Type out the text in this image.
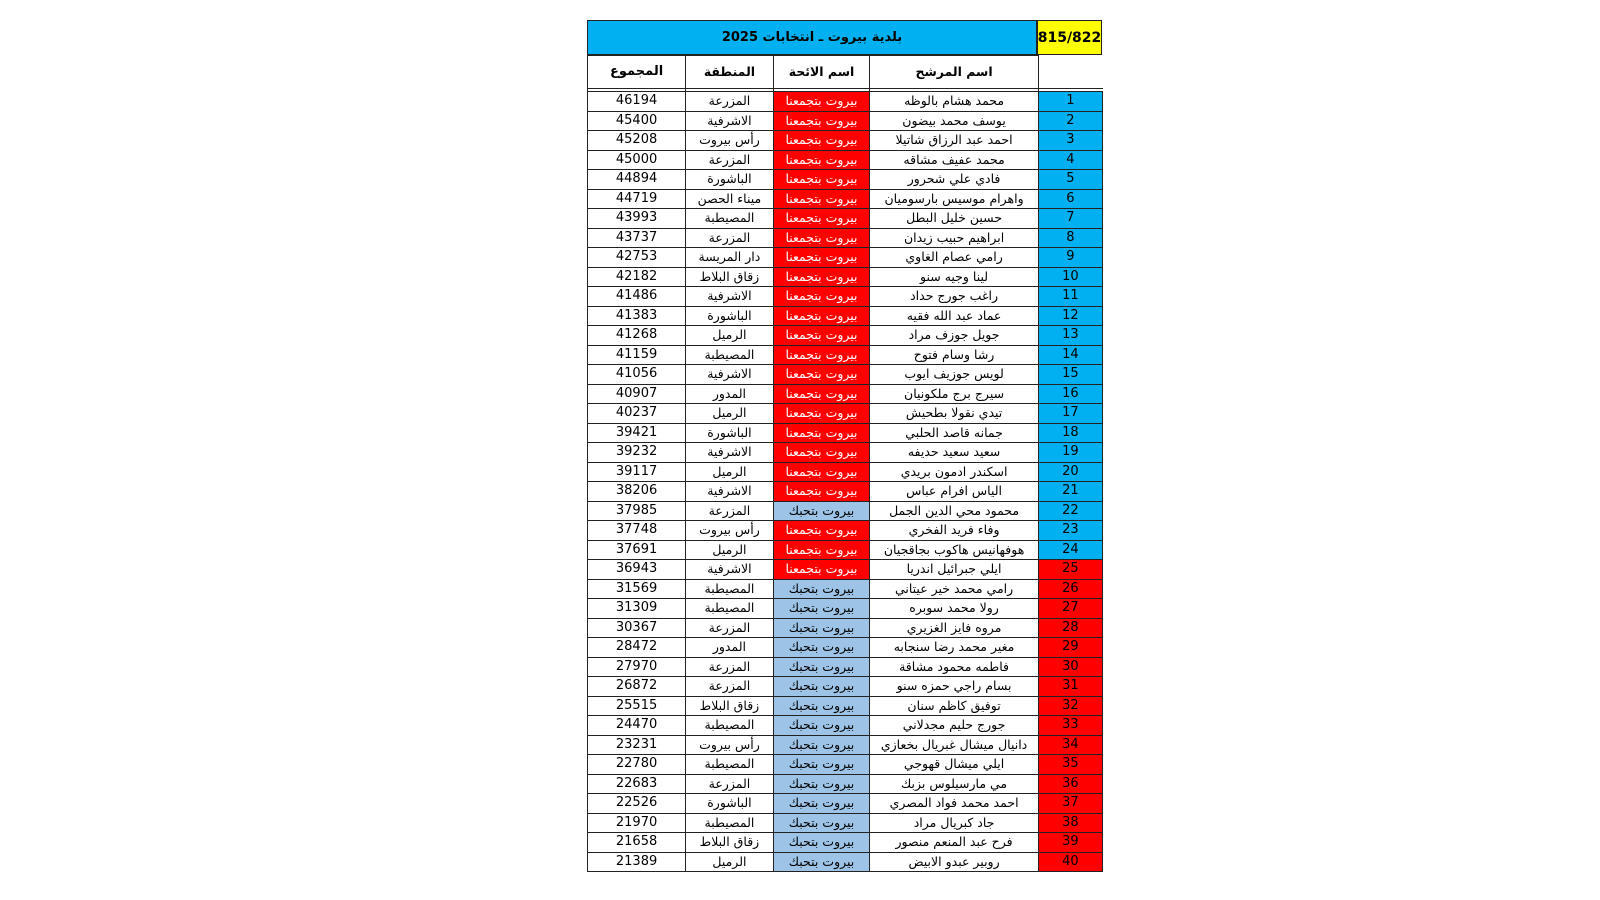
بلدية بيروت ـ انتخابات 2025	815/822
المجموع	المنطقة	اسم الائحة	اسم المرشح	

46194	المزرعة	بيروت بتجمعنا	محمد هشام بالوظه	1
45400	الاشرفية	بيروت بتجمعنا	يوسف محمد بيضون	2
45208	رأس بيروت	بيروت بتجمعنا	احمد عبد الرزاق شاتيلا	3
45000	المزرعة	بيروت بتجمعنا	محمد عفيف مشاقه	4
44894	الباشورة	بيروت بتجمعنا	فادي علي شحرور	5
44719	ميناء الحصن	بيروت بتجمعنا	واهرام موسيس بارسوميان	6
43993	المصيطبة	بيروت بتجمعنا	حسين خليل البطل	7
43737	المزرعة	بيروت بتجمعنا	ابراهيم حبيب زيدان	8
42753	دار المريسة	بيروت بتجمعنا	رامي عصام الغاوي	9
42182	زقاق البلاط	بيروت بتجمعنا	لينا وجيه سنو	10
41486	الاشرفية	بيروت بتجمعنا	راغب جورج حداد	11
41383	الباشورة	بيروت بتجمعنا	عماد عبد الله فقيه	12
41268	الرميل	بيروت بتجمعنا	جويل جوزف مراد	13
41159	المصيطبة	بيروت بتجمعنا	رشا وسام فتوح	14
41056	الاشرفية	بيروت بتجمعنا	لويس جوزيف ايوب	15
40907	المدور	بيروت بتجمعنا	سيرج برج ملكونيان	16
40237	الرميل	بيروت بتجمعنا	تيدي نقولا بطحيش	17
39421	الباشورة	بيروت بتجمعنا	جمانه قاصد الحلبي	18
39232	الاشرفية	بيروت بتجمعنا	سعيد سعيد حديفه	19
39117	الرميل	بيروت بتجمعنا	اسكندر ادمون بريدي	20
38206	الاشرفية	بيروت بتجمعنا	الياس افرام عباس	21
37985	المزرعة	بيروت بتحبك	محمود محي الدين الجمل	22
37748	رأس بيروت	بيروت بتجمعنا	وفاء فريد الفخري	23
37691	الرميل	بيروت بتجمعنا	هوفهانيس هاكوب بجاقجيان	24
36943	الاشرفية	بيروت بتجمعنا	ايلي جبرائيل اندريا	25
31569	المصيطبة	بيروت بتحبك	رامي محمد خير عيتاني	26
31309	المصيطبة	بيروت بتحبك	رولا محمد سوبره	27
30367	المزرعة	بيروت بتحبك	مروه فايز الغزيري	28
28472	المدور	بيروت بتحبك	مغير محمد رضا سنجابه	29
27970	المزرعة	بيروت بتحبك	فاطمه محمود مشاقة	30
26872	المزرعة	بيروت بتحبك	بسام راجي حمزه سنو	31
25515	زقاق البلاط	بيروت بتحبك	توفيق كاظم سنان	32
24470	المصيطبة	بيروت بتحبك	جورج حليم مجدلاني	33
23231	رأس بيروت	بيروت بتحبك	دانيال ميشال غبريال بخعازي	34
22780	المصيطبة	بيروت بتحبك	ايلي ميشال قهوجي	35
22683	المزرعة	بيروت بتحبك	مي مارسيلوس بزبك	36
22526	الباشورة	بيروت بتحبك	احمد محمد فواد المصري	37
21970	المصيطبة	بيروت بتحبك	جاد كبريال مراد	38
21658	زقاق البلاط	بيروت بتحبك	فرح عبد المنعم منصور	39
21389	الرميل	بيروت بتحبك	روبير عبدو الابيض	40
